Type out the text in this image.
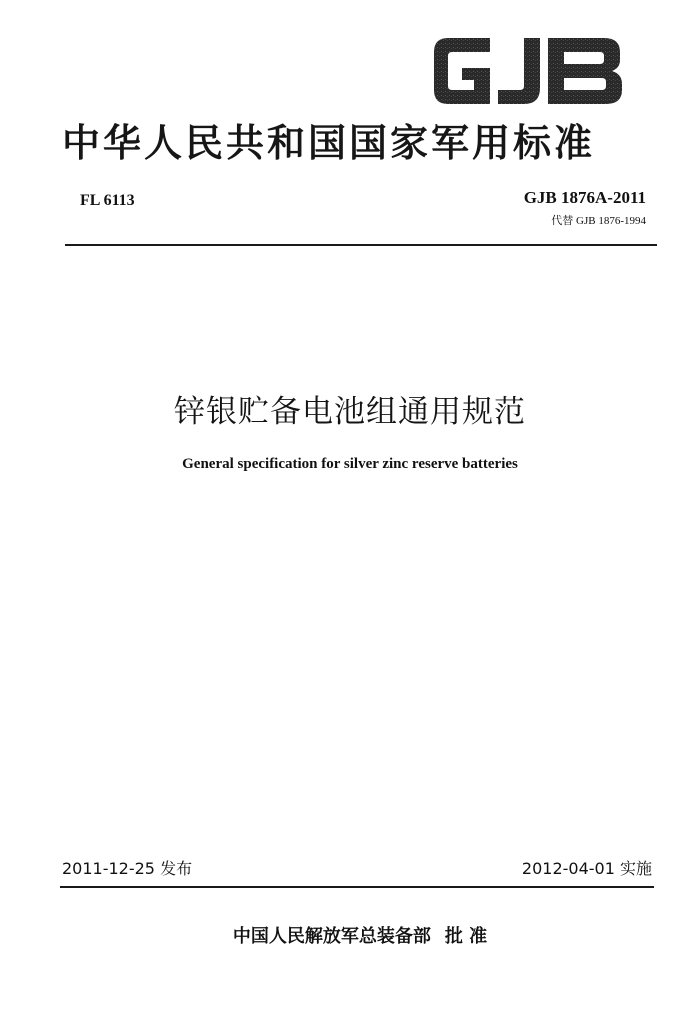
中华人民共和国国家军用标准
FL 6113	GJB 1876A-2011
代替 GJB 1876-1994
锌银贮备电池组通用规范
General specification for silver zinc reserve batteries
2011-12-25 发布	2012-04-01 实施
中国人民解放军总装备部 批 准
